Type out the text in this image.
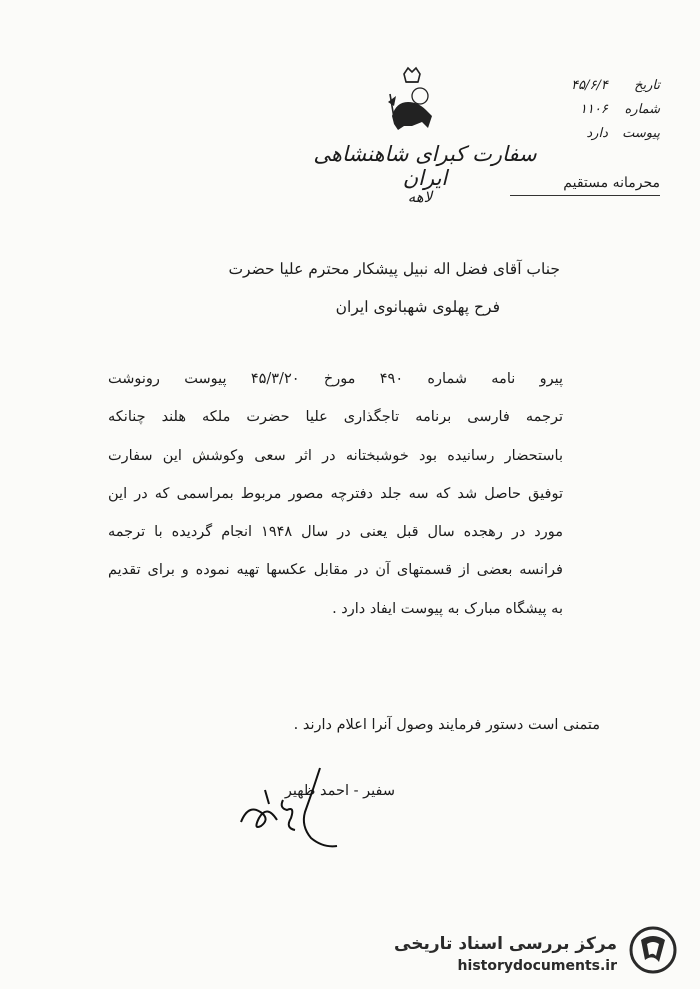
سفارت کبرای شاهنشاهی ایران
لاهه
تاریخ ۴۵/۶/۴
شماره ۱۱۰۶
پیوست دارد
محرمانه مستقیم
جناب آقای فضل اله نبیل پیشکار محترم علیا حضرت
فرح پهلوی شهبانوی ایران
پیرو نامه شماره ۴۹۰ مورخ ۴۵/۳/۲۰ پیوست رونوشت
ترجمه فارسی برنامه تاجگذاری علیا حضرت ملکه هلند چنانکه
باستحضار رسانیده بود خوشبختانه در اثر سعی وکوشش این سفارت
توفیق حاصل شد که سه جلد دفترچه مصور مربوط بمراسمی که در این
مورد در رهجده سال قبل یعنی در سال ۱۹۴۸ انجام گردیده با ترجمه
فرانسه بعضی از قسمتهای آن در مقابل عکسها تهیه نموده و برای تقدیم
به پیشگاه مبارک به پیوست ایفاد دارد .
متمنی است دستور فرمایند وصول آنرا اعلام دارند .
سفیر - احمد ظهیر
مرکز بررسی اسناد تاریخی
historydocuments.ir
